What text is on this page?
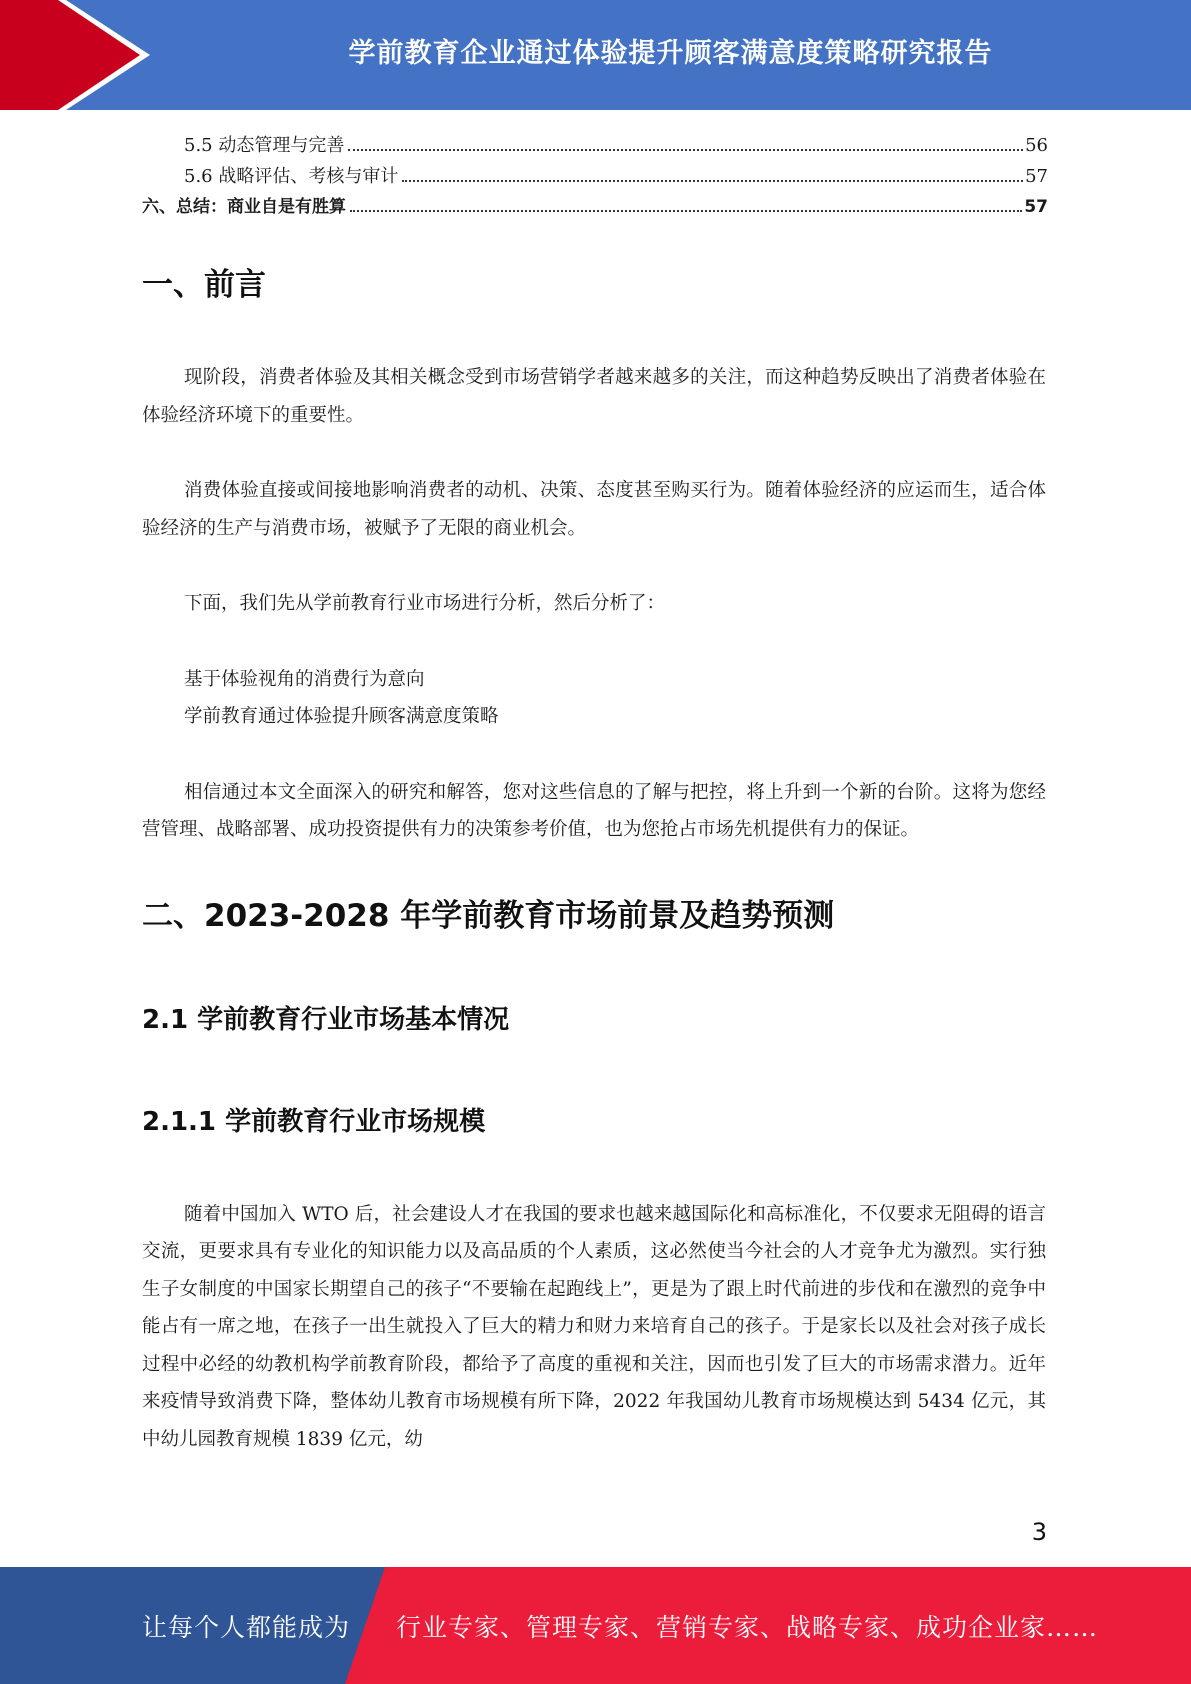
学前教育企业通过体验提升顾客满意度策略研究报告
5.5 动态管理与完善	56
5.6 战略评估、考核与审计	57
六、总结：商业自是有胜算	57
一、前言

现阶段，消费者体验及其相关概念受到市场营销学者越来越多的关注，而这种趋势反映出了消费者体验在体验经济环境下的重要性。

消费体验直接或间接地影响消费者的动机、决策、态度甚至购买行为。随着体验经济的应运而生，适合体验经济的生产与消费市场，被赋予了无限的商业机会。

下面，我们先从学前教育行业市场进行分析，然后分析了：

基于体验视角的消费行为意向

学前教育通过体验提升顾客满意度策略

相信通过本文全面深入的研究和解答，您对这些信息的了解与把控，将上升到一个新的台阶。这将为您经营管理、战略部署、成功投资提供有力的决策参考价值，也为您抢占市场先机提供有力的保证。

二、2023-2028 年学前教育市场前景及趋势预测
2.1 学前教育行业市场基本情况
2.1.1 学前教育行业市场规模

随着中国加入 WTO 后，社会建设人才在我国的要求也越来越国际化和高标准化，不仅要求无阻碍的语言交流，更要求具有专业化的知识能力以及高品质的个人素质，这必然使当今社会的人才竞争尤为激烈。实行独生子女制度的中国家长期望自己的孩子“不要输在起跑线上”，更是为了跟上时代前进的步伐和在激烈的竞争中能占有一席之地，在孩子一出生就投入了巨大的精力和财力来培育自己的孩子。于是家长以及社会对孩子成长过程中必经的幼教机构学前教育阶段，都给予了高度的重视和关注，因而也引发了巨大的市场需求潜力。近年来疫情导致消费下降，整体幼儿教育市场规模有所下降，2022 年我国幼儿教育市场规模达到 5434 亿元，其中幼儿园教育规模 1839 亿元，幼

3
让每个人都能成为 行业专家、管理专家、营销专家、战略专家、成功企业家……
